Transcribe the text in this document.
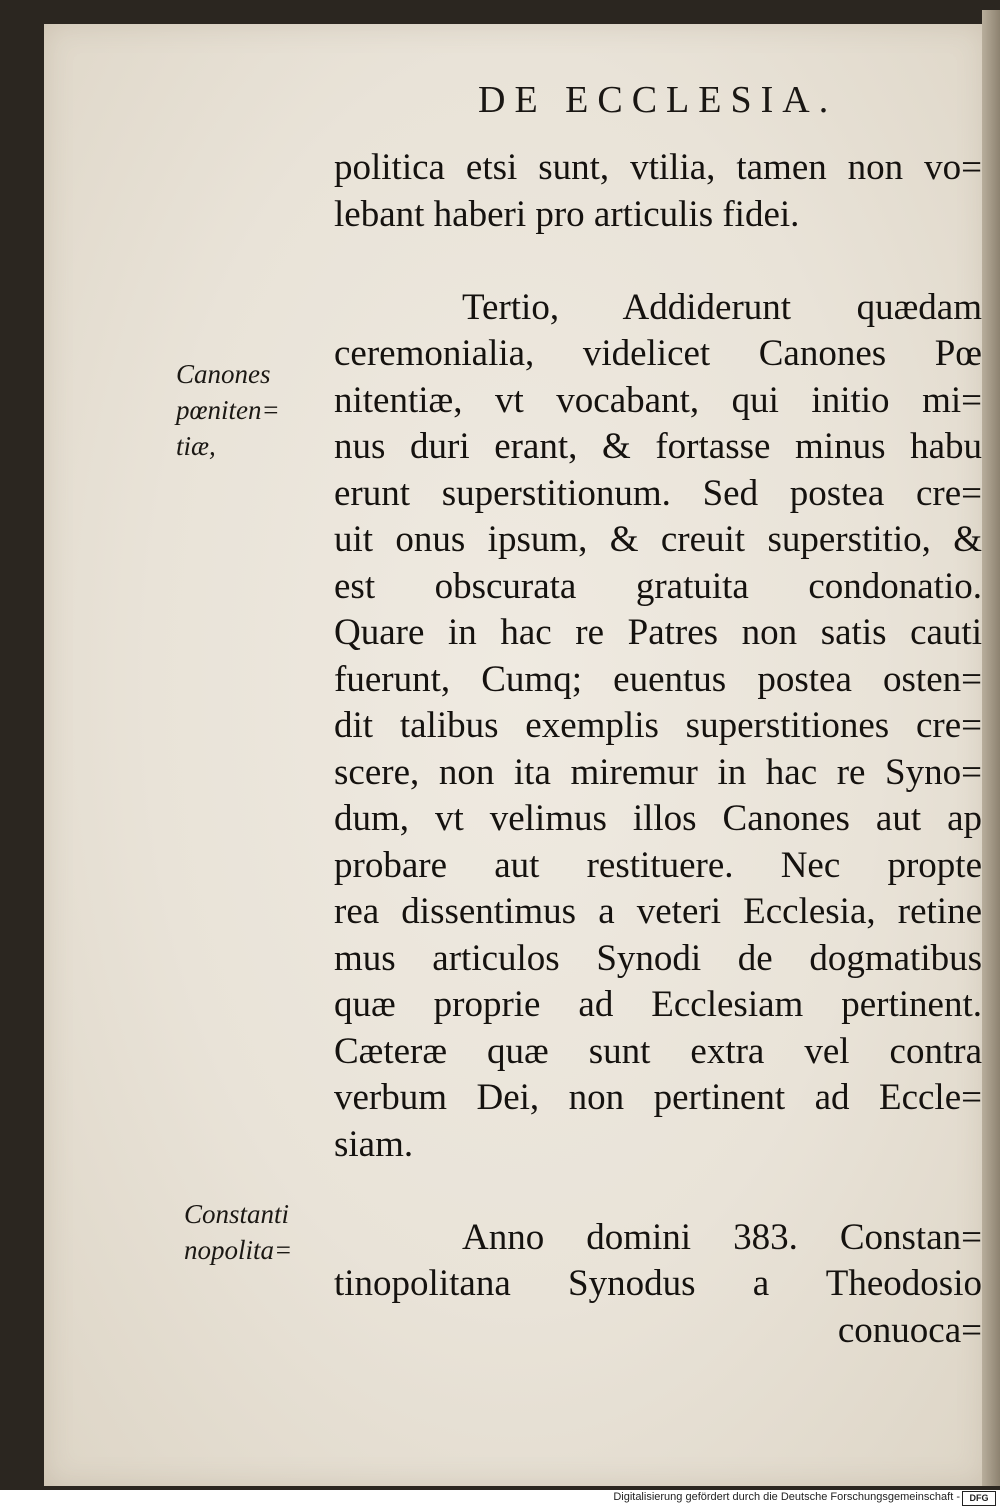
DE ECCLESIA.
politica etsi sunt, vtilia, tamen non vo=
lebant haberi pro articulis fidei.

Tertio, Addiderunt quædam
ceremonialia, videlicet Canones Pœ
nitentiæ, vt vocabant, qui initio mi=
nus duri erant, & fortasse minus habu
erunt superstitionum. Sed postea cre=
uit onus ipsum, & creuit superstitio, &
est obscurata gratuita condonatio.
Quare in hac re Patres non satis cauti
fuerunt, Cumq; euentus postea osten=
dit talibus exemplis superstitiones cre=
scere, non ita miremur in hac re Syno=
dum, vt velimus illos Canones aut ap
probare aut restituere. Nec propte
rea dissentimus a veteri Ecclesia, retine
mus articulos Synodi de dogmatibus
quæ proprie ad Ecclesiam pertinent.
Cæteræ quæ sunt extra vel contra
verbum Dei, non pertinent ad Eccle=
siam.

Anno domini 383. Constan=
tinopolitana Synodus a Theodosio
conuoca=
Canones
pœniten=
tiæ,
Constanti
nopolita=
Digitalisierung gefördert durch die Deutsche Forschungsgemeinschaft -	DFG
